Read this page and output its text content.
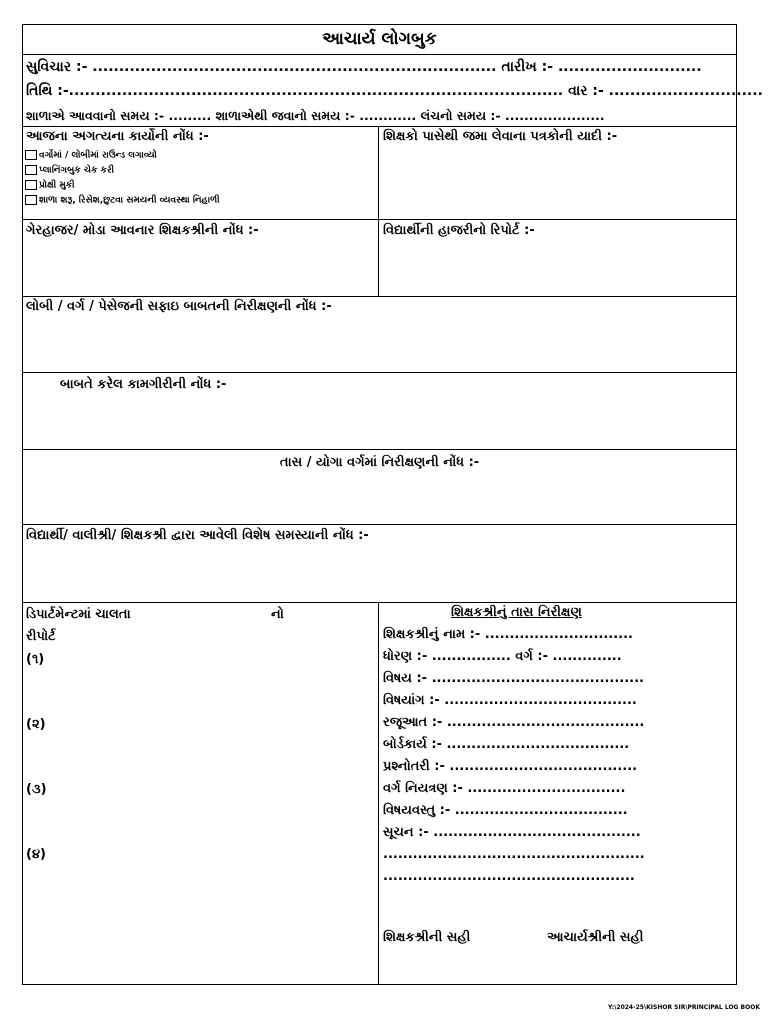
આચાર્ય લોગબુક
સુવિચાર :- ............................................................................ તારીખ :- ...........................
તિથિ :-............................................................................................. વાર :- .............................
શાળાએ આવવાનો સમય :- ......... શાળાએથી જવાનો સમય :- ............ લંચનો સમય :- .....................
આજના અગત્યના કાર્યોની નોંધ :-
વર્ગોમાં / લોબીમાં રાઉન્ડ લગાવ્યો
પ્લાનિંગબુક ચેક કરી
પ્રોક્ષી મુકી
શાળા શરૂ, રિસેશ,છુટવા સમયની વ્યવસ્થા નિહાળી
શિક્ષકો પાસેથી જમા લેવાના પત્રકોની યાદી :-
ગેરહાજર/ મોડા આવનાર શિક્ષકશ્રીની નોંધ :-	વિદ્યાર્થીની હાજરીનો રિપોર્ટ :-
લોબી / વર્ગ / પેસેજની સફાઇ બાબતની નિરીક્ષણની નોંધ :-
બાબતે કરેલ કામગીરીની નોંધ :-
તાસ / યોગા વર્ગમાં નિરીક્ષણની નોંધ :-
વિદ્યાર્થી/ વાલીશ્રી/ શિક્ષકશ્રી દ્વારા આવેલી વિશેષ સમસ્યાની નોંધ :-
ડિપાર્ટમેન્ટમાં ચાલતા	નો
રીપોર્ટ
(૧)
(૨)
(૩)
(૪)
શિક્ષકશ્રીનું તાસ નિરીક્ષણ
શિક્ષકશ્રીનું નામ :- ..............................
ધોરણ :- ................ વર્ગ :- ..............
વિષય :- ...........................................
વિષયાંગ :- .......................................
રજૂઆત :- ........................................
બોર્ડકાર્ય :- .....................................
પ્રશ્નોતરી :- ......................................
વર્ગ નિયત્રણ :- ................................
વિષયવસ્તુ :- ...................................
સૂચન :- ..........................................
.....................................................
...................................................
શિક્ષકશ્રીની સહી	આચાર્યશ્રીની સહી
Y:\2024-25\KISHOR SIR\PRINCIPAL LOG BOOK
